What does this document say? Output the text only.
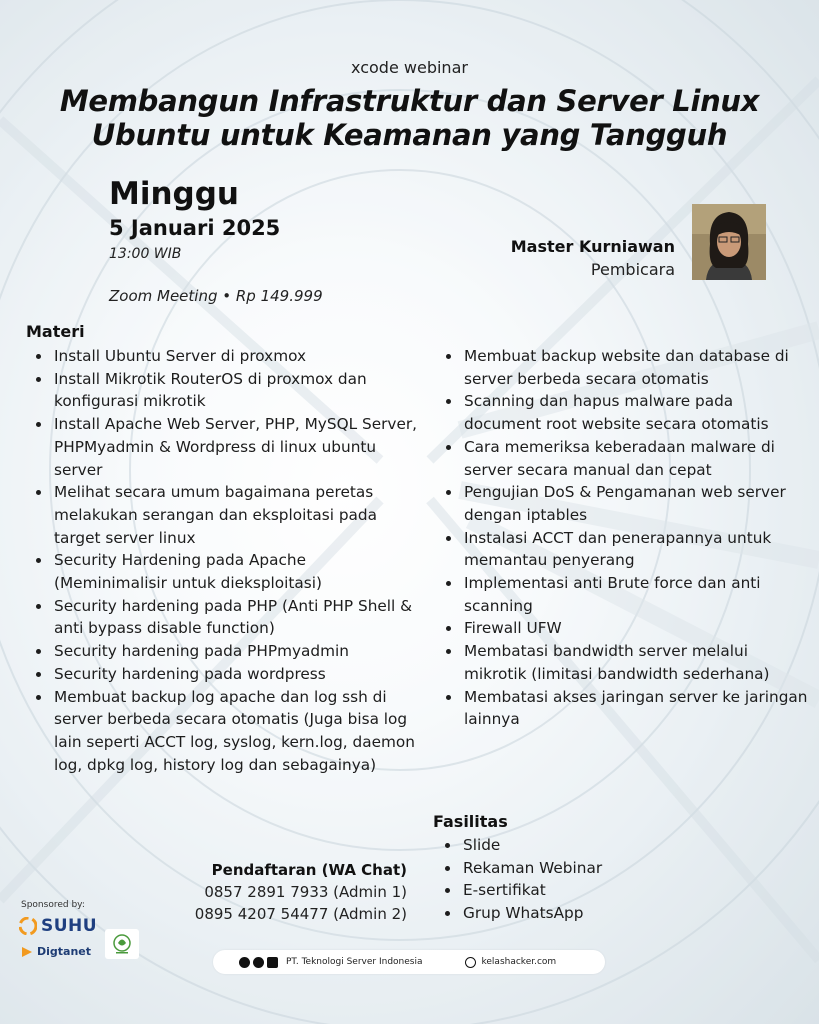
xcode webinar
Membangun Infrastruktur dan Server Linux
Ubuntu untuk Keamanan yang Tangguh
Minggu
5 Januari 2025
13:00 WIB
Zoom Meeting • Rp 149.999
Master Kurniawan
Pembicara
Materi
Install Ubuntu Server di proxmox
Install Mikrotik RouterOS di proxmox dan konfigurasi mikrotik
Install Apache Web Server, PHP, MySQL Server, PHPMyadmin & Wordpress di linux ubuntu server
Melihat secara umum bagaimana peretas melakukan serangan dan eksploitasi pada target server linux
Security Hardening pada Apache (Meminimalisir untuk dieksploitasi)
Security hardening pada PHP (Anti PHP Shell & anti bypass disable function)
Security hardening pada PHPmyadmin
Security hardening pada wordpress
Membuat backup log apache dan log ssh di server berbeda secara otomatis (Juga bisa log lain seperti ACCT log, syslog, kern.log, daemon log, dpkg log, history log dan sebagainya)
Membuat backup website dan database di server berbeda secara otomatis
Scanning dan hapus malware pada document root website secara otomatis
Cara memeriksa keberadaan malware di server secara manual dan cepat
Pengujian DoS & Pengamanan web server dengan iptables
Instalasi ACCT dan penerapannya untuk memantau penyerang
Implementasi anti Brute force dan anti scanning
Firewall UFW
Membatasi bandwidth server melalui mikrotik (limitasi bandwidth sederhana)
Membatasi akses jaringan server ke jaringan lainnya
Fasilitas
Slide
Rekaman Webinar
E-sertifikat
Grup WhatsApp
Pendaftaran (WA Chat)
0857 2891 7933 (Admin 1)
0895 4207 54477 (Admin 2)
Sponsored by:
SUHU
Digtanet
PT. Teknologi Server Indonesia	kelashacker.com
